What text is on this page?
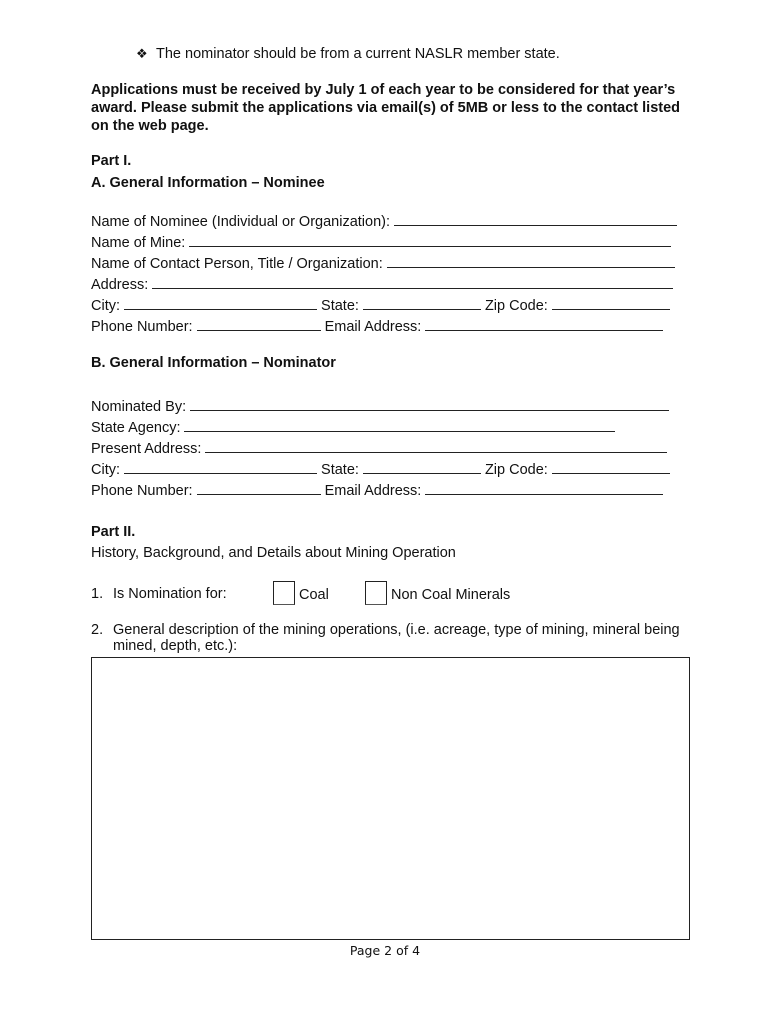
❖ The nominator should be from a current NASLR member state.
Applications must be received by July 1 of each year to be considered for that year’s award. Please submit the applications via email(s) of 5MB or less to the contact listed on the web page.
Part I.
A. General Information – Nominee
Name of Nominee (Individual or Organization):
Name of Mine:
Name of Contact Person, Title / Organization:
Address:
City:	State:	Zip Code:
Phone Number:	Email Address:
B. General Information – Nominator
Nominated By:
State Agency:
Present Address:
City:	State:	Zip Code:
Phone Number:	Email Address:
Part II.
History, Background, and Details about Mining Operation
1. Is Nomination for:	Coal	Non Coal Minerals
2. General description of the mining operations, (i.e. acreage, type of mining, mineral being
mined, depth, etc.):
Page 2 of 4
